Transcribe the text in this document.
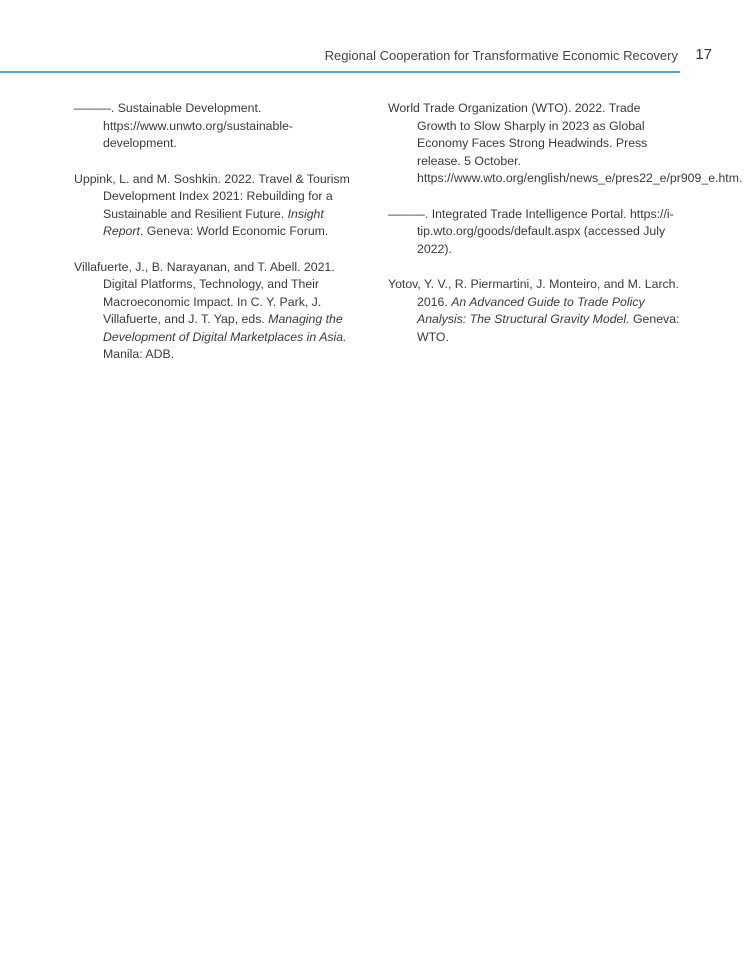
Regional Cooperation for Transformative Economic Recovery 17

———. Sustainable Development. https://www.unwto.org/sustainable-development.

Uppink, L. and M. Soshkin. 2022. Travel & Tourism Development Index 2021: Rebuilding for a Sustainable and Resilient Future. Insight Report. Geneva: World Economic Forum.

Villafuerte, J., B. Narayanan, and T. Abell. 2021. Digital Platforms, Technology, and Their Macroeconomic Impact. In C. Y. Park, J. Villafuerte, and J. T. Yap, eds. Managing the Development of Digital Marketplaces in Asia. Manila: ADB.

World Trade Organization (WTO). 2022. Trade Growth to Slow Sharply in 2023 as Global Economy Faces Strong Headwinds. Press release. 5 October. https://www.wto.org/english/news_e/pres22_e/pr909_e.htm.

———. Integrated Trade Intelligence Portal. https://i-tip.wto.org/goods/default.aspx (accessed July 2022).

Yotov, Y. V., R. Piermartini, J. Monteiro, and M. Larch. 2016. An Advanced Guide to Trade Policy Analysis: The Structural Gravity Model. Geneva: WTO.
